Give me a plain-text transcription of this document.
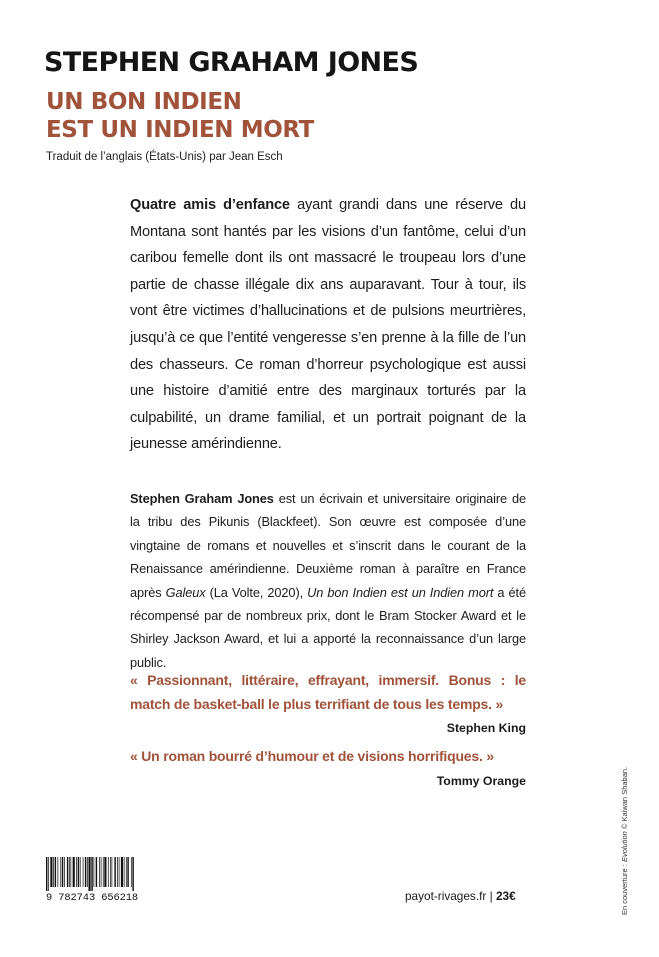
STEPHEN GRAHAM JONES
UN BON INDIEN
EST UN INDIEN MORT

Traduit de l’anglais (États-Unis) par Jean Esch

Quatre amis d’enfance ayant grandi dans une réserve du Montana sont hantés par les visions d’un fantôme, celui d’un caribou femelle dont ils ont massacré le troupeau lors d’une partie de chasse illégale dix ans auparavant. Tour à tour, ils vont être victimes d’hallucinations et de pulsions meurtrières, jusqu’à ce que l’entité vengeresse s’en prenne à la fille de l’un des chasseurs. Ce roman d’horreur psychologique est aussi une histoire d’amitié entre des marginaux torturés par la culpabilité, un drame familial, et un portrait poignant de la jeunesse amérindienne.

Stephen Graham Jones est un écrivain et universitaire originaire de la tribu des Pikunis (Blackfeet). Son œuvre est composée d’une vingtaine de romans et nouvelles et s’inscrit dans le courant de la Renaissance amérindienne. Deuxième roman à paraître en France après Galeux (La Volte, 2020), Un bon Indien est un Indien mort a été récompensé par de nombreux prix, dont le Bram Stocker Award et le Shirley Jackson Award, et lui a apporté la reconnaissance d’un large public.

« Passionnant, littéraire, effrayant, immersif. Bonus : le match de basket-ball le plus terrifiant de tous les temps. »

Stephen King

« Un roman bourré d’humour et de visions horrifiques. »

Tommy Orange

En couverture : Evolution © Kaiwan Shaban.

9 782743 656218	payot-rivages.fr | 23€
